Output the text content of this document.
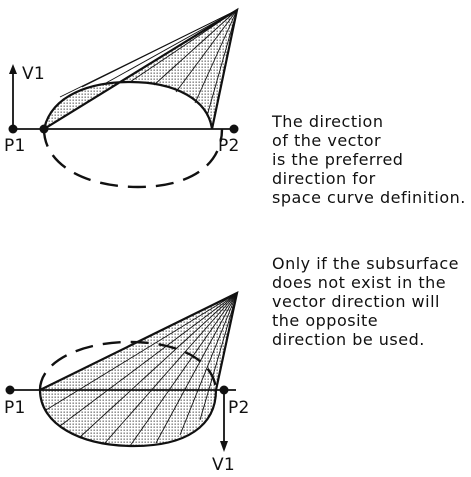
V1
P1	P2
P1	P2
V1
The direction
of the vector
is the preferred
direction for
space curve definition.
Only if the subsurface
does not exist in the
vector direction will
the opposite
direction be used.
